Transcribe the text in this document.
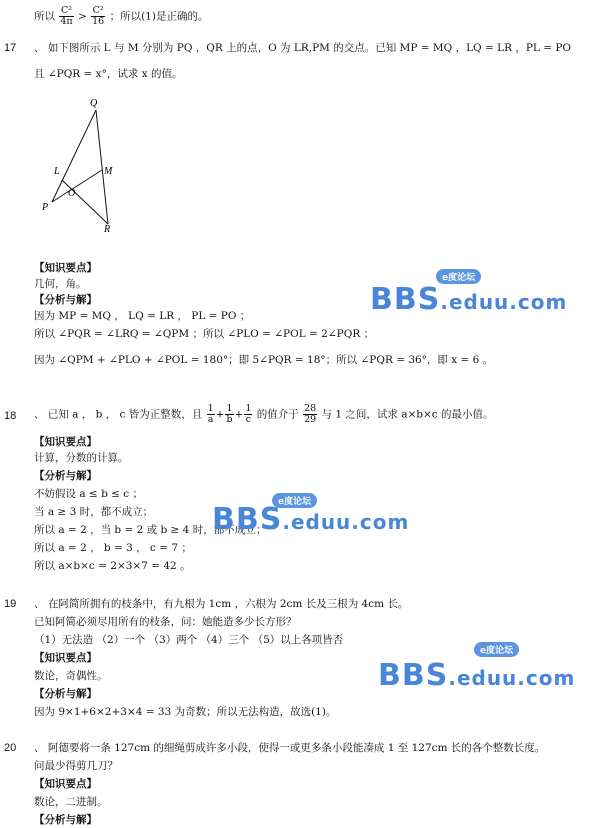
所以 $\frac{\text{C²}}{4\pi} > \frac{\text{C²}}{16}$ ；所以(1)是正确的。
17 、 如下图所示 L 与 M 分别为 PQ ，QR 上的点，O 为 LR,PM 的交点。已知 MP = MQ ，LQ = LR ，PL = PO
且 ∠PQR = x°，试求 x 的值。
Q
L	M
O
P
R
【知识要点】
几何，角。
【分析与解】
因为 MP = MQ ， LQ = LR ， PL = PO ；
所以 ∠PQR = ∠LRQ = ∠QPM ；所以 ∠PLO = ∠POL = 2∠PQR ；
因为 ∠QPM + ∠PLO + ∠POL = 180°；即 5∠PQR = 18°；所以 ∠PQR = 36°，即 x = 6 。
18 、 已知 a ， b ， c 皆为正整数，且 $\frac{1}{a} + \frac{1}{b} + \frac{1}{c}$ 的值介于 $\frac{28}{29}$ 与 1 之间，试求 a×b×c 的最小值。
【知识要点】
计算，分数的计算。
【分析与解】
不妨假设 a ≤ b ≤ c ；
当 a ≥ 3 时，都不成立；
所以 a = 2 ，当 b = 2 或 b ≥ 4 时，都不成立；
所以 a = 2 ， b = 3 ， c = 7 ；
所以 a×b×c = 2×3×7 = 42 。
19 、 在阿简所拥有的枝条中，有九根为 1cm ，六根为 2cm 长及三根为 4cm 长。
已知阿简必须尽用所有的枝条，问：她能造多少长方形？
（1）无法造 （2）一个 （3）两个 （4）三个 （5）以上各项皆否
【知识要点】
数论，奇偶性。
【分析与解】
因为 9×1+6×2+3×4 = 33 为奇数；所以无法构造，故选(1)。
20 、 阿德要将一条 127cm 的细绳剪成许多小段，使得一或更多条小段能凑成 1 至 127cm 长的各个整数长度。
问最少得剪几刀？
【知识要点】
数论，二进制。
【分析与解】
e度论坛
BBS.eduu.com
e度论坛
BBS.eduu.com
e度论坛
BBS.eduu.com
